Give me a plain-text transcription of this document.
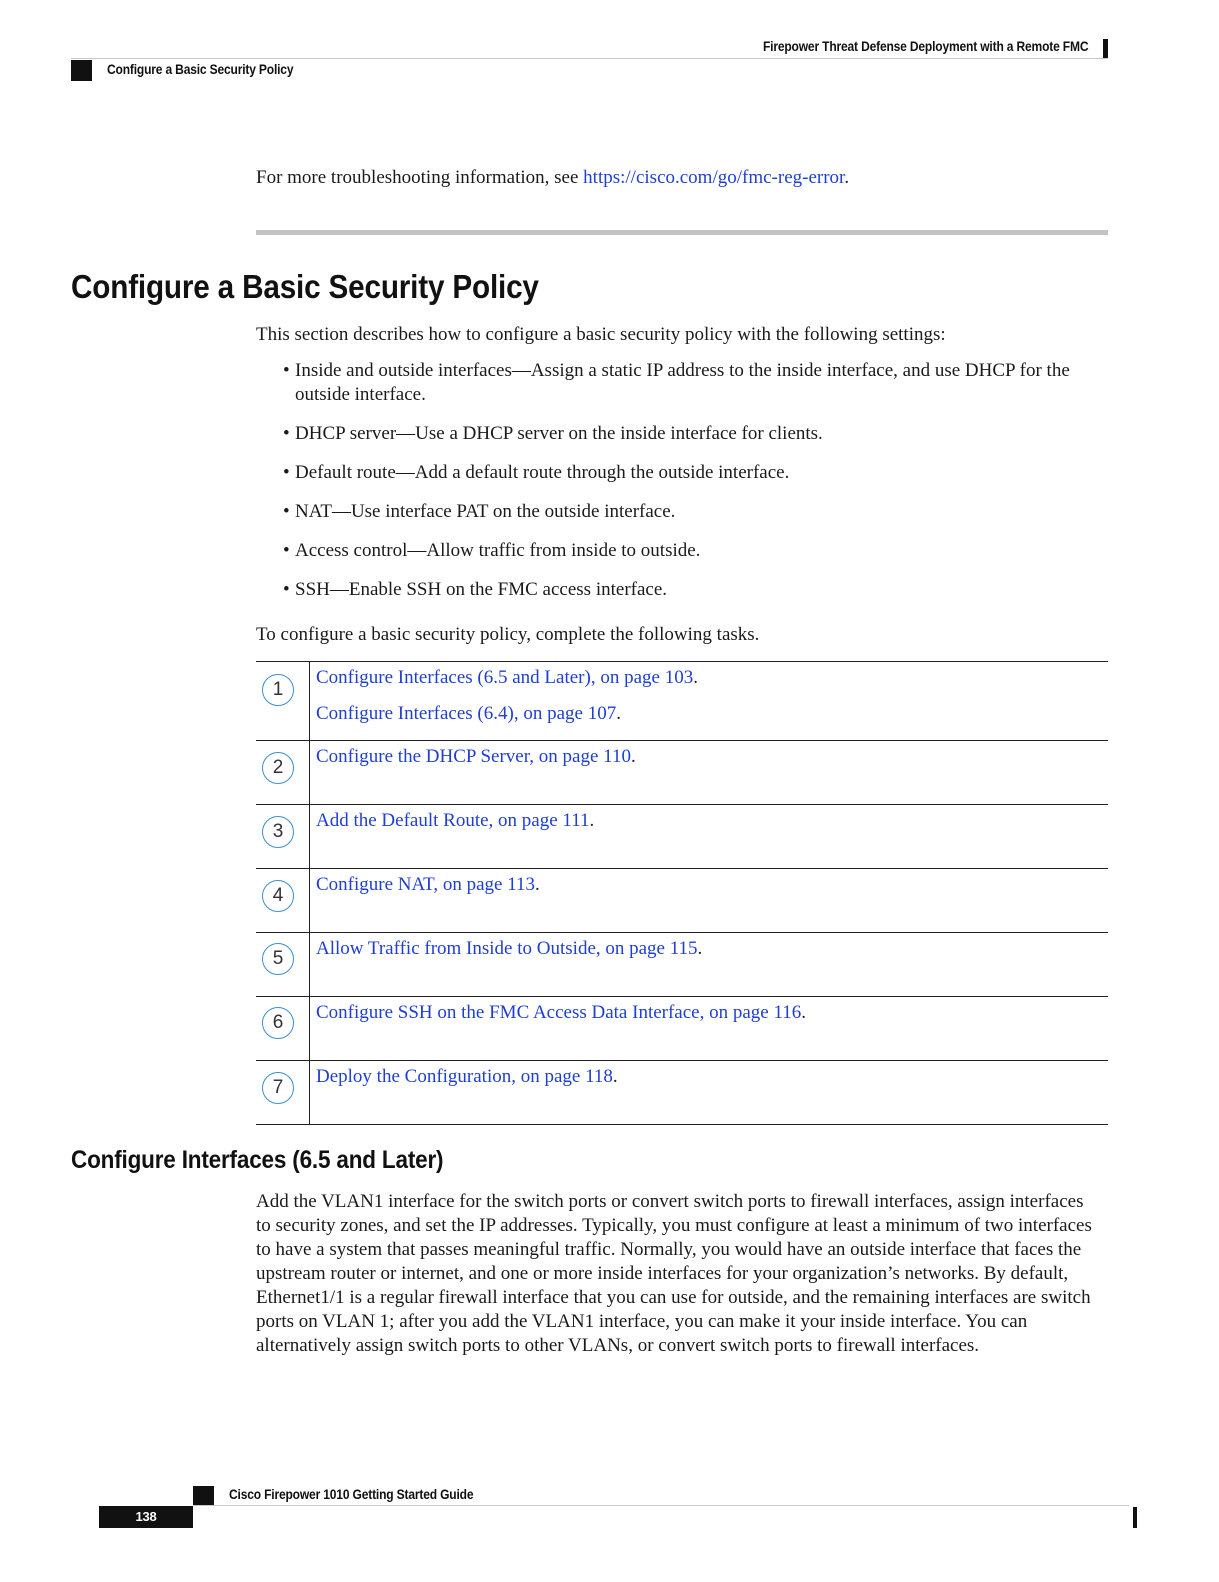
Firepower Threat Defense Deployment with a Remote FMC
Configure a Basic Security Policy
For more troubleshooting information, see https://cisco.com/go/fmc-reg-error.
Configure a Basic Security Policy
This section describes how to configure a basic security policy with the following settings:
• Inside and outside interfaces—Assign a static IP address to the inside interface, and use DHCP for the
outside interface.
• DHCP server—Use a DHCP server on the inside interface for clients.
• Default route—Add a default route through the outside interface.
• NAT—Use interface PAT on the outside interface.
• Access control—Allow traffic from inside to outside.
• SSH—Enable SSH on the FMC access interface.
To configure a basic security policy, complete the following tasks.
1
Configure Interfaces (6.5 and Later), on page 103.
Configure Interfaces (6.4), on page 107.
2
Configure the DHCP Server, on page 110.
3
Add the Default Route, on page 111.
4
Configure NAT, on page 113.
5	Allow Traffic from Inside to Outside, on page 115.
6	Configure SSH on the FMC Access Data Interface, on page 116.
7
Deploy the Configuration, on page 118.
Configure Interfaces (6.5 and Later)
Add the VLAN1 interface for the switch ports or convert switch ports to firewall interfaces, assign interfaces
to security zones, and set the IP addresses. Typically, you must configure at least a minimum of two interfaces
to have a system that passes meaningful traffic. Normally, you would have an outside interface that faces the
upstream router or internet, and one or more inside interfaces for your organization’s networks. By default,
Ethernet1/1 is a regular firewall interface that you can use for outside, and the remaining interfaces are switch
ports on VLAN 1; after you add the VLAN1 interface, you can make it your inside interface. You can
alternatively assign switch ports to other VLANs, or convert switch ports to firewall interfaces.
Cisco Firepower 1010 Getting Started Guide
138
